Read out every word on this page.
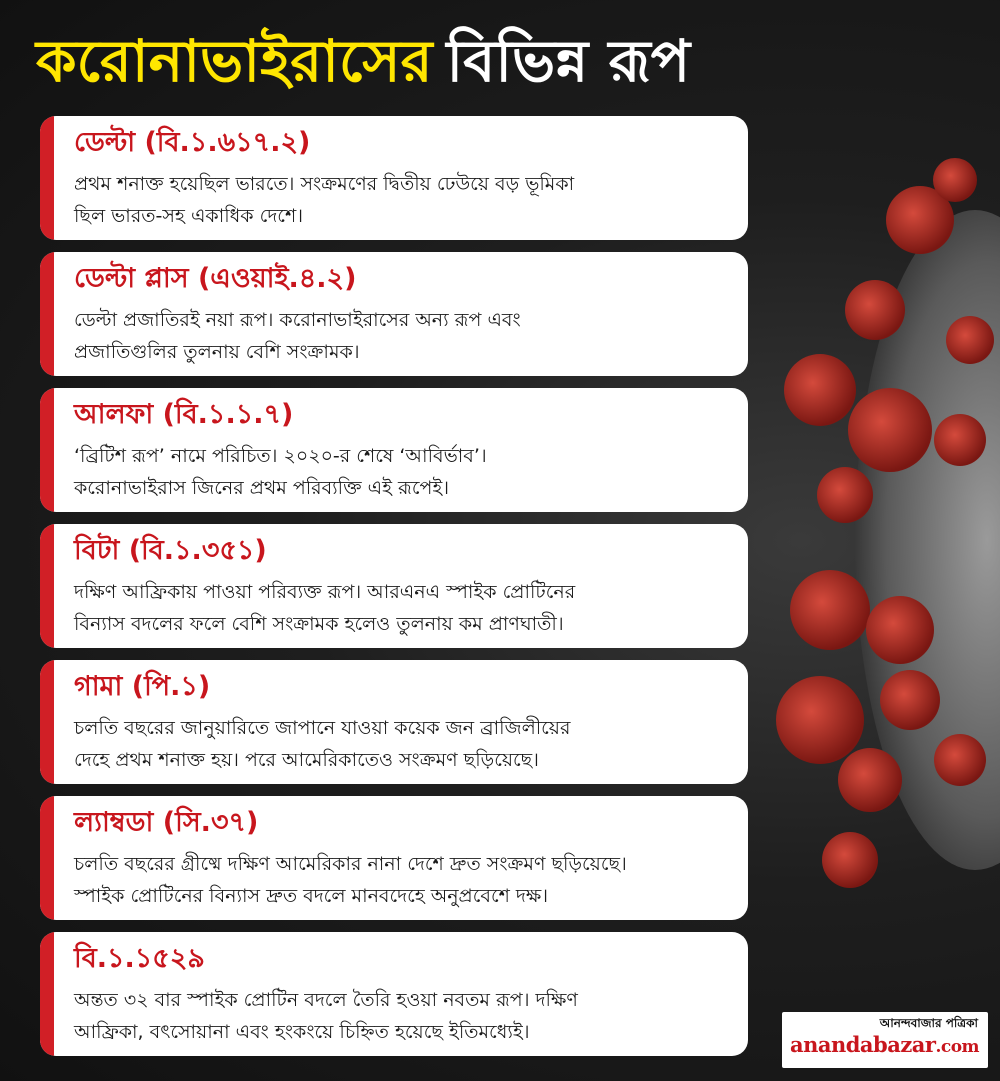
করোনাভাইরাসের বিভিন্ন রূপ
ডেল্টা (বি.১.৬১৭.২)
প্রথম শনাক্ত হয়েছিল ভারতে। সংক্রমণের দ্বিতীয় ঢেউয়ে বড় ভূমিকা
ছিল ভারত-সহ একাধিক দেশে।
ডেল্টা প্লাস (এওয়াই.৪.২)
ডেল্টা প্রজাতিরই নয়া রূপ। করোনাভাইরাসের অন্য রূপ এবং
প্রজাতিগুলির তুলনায় বেশি সংক্রামক।
আলফা (বি.১.১.৭)
‘ব্রিটিশ রূপ’ নামে পরিচিত। ২০২০-র শেষে ‘আবির্ভাব’।
করোনাভাইরাস জিনের প্রথম পরিব্যক্তি এই রূপেই।
বিটা (বি.১.৩৫১)
দক্ষিণ আফ্রিকায় পাওয়া পরিব্যক্ত রূপ। আরএনএ স্পাইক প্রোটিনের
বিন্যাস বদলের ফলে বেশি সংক্রামক হলেও তুলনায় কম প্রাণঘাতী।
গামা (পি.১)
চলতি বছরের জানুয়ারিতে জাপানে যাওয়া কয়েক জন ব্রাজিলীয়ের
দেহে প্রথম শনাক্ত হয়। পরে আমেরিকাতেও সংক্রমণ ছড়িয়েছে।
ল্যাম্বডা (সি.৩৭)
চলতি বছরের গ্রীষ্মে দক্ষিণ আমেরিকার নানা দেশে দ্রুত সংক্রমণ ছড়িয়েছে।
স্পাইক প্রোটিনের বিন্যাস দ্রুত বদলে মানবদেহে অনুপ্রবেশে দক্ষ।
বি.১.১৫২৯
অন্তত ৩২ বার স্পাইক প্রোটিন বদলে তৈরি হওয়া নবতম রূপ। দক্ষিণ
আফ্রিকা, বৎসোয়ানা এবং হংকংয়ে চিহ্নিত হয়েছে ইতিমধ্যেই।	আনন্দবাজার পত্রিকা
anandabazar.com
